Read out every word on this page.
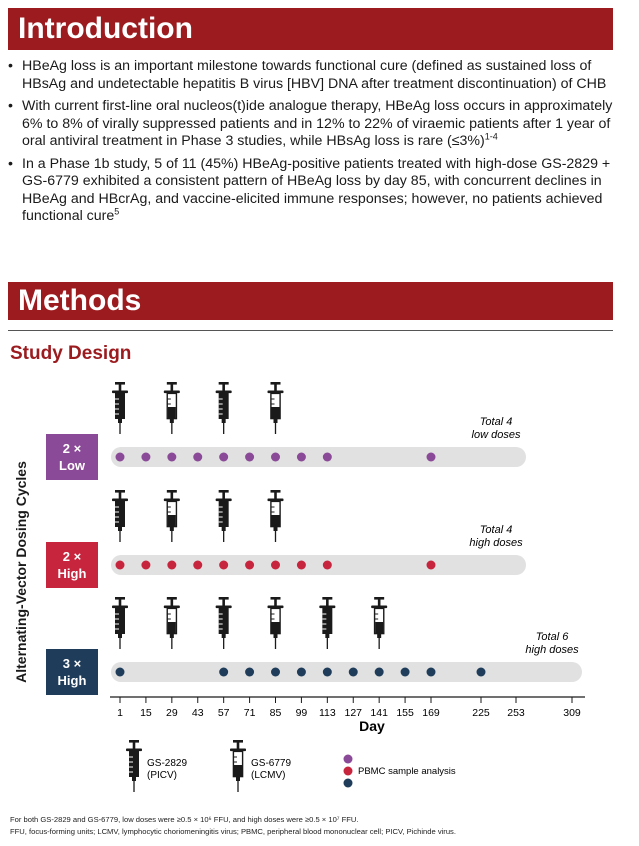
Introduction
• HBeAg loss is an important milestone towards functional cure (defined as sustained loss of HBsAg and undetectable hepatitis B virus [HBV] DNA after treatment discontinuation) of CHB
• With current first-line oral nucleos(t)ide analogue therapy, HBeAg loss occurs in approximately 6% to 8% of virally suppressed patients and in 12% to 22% of viraemic patients after 1 year of oral antiviral treatment in Phase 3 studies, while HBsAg loss is rare (≤3%)$^{1-4}$
• In a Phase 1b study, 5 of 11 (45%) HBeAg-positive patients treated with high-dose GS-2829 + GS-6779 exhibited a consistent pattern of HBeAg loss by day 85, with concurrent declines in HBeAg and HBcrAg, and vaccine-elicited immune responses; however, no patients achieved functional cure$^5$
Methods
Study Design
Alternating-Vector Dosing Cycles
2 ×
Low
Total 4
low doses
2 ×
High
Total 4
high doses
3 ×
High
Total 6
high doses
1 15 29 43 57 71 85 99 113 127 141 155 169	225 253	309
Day
GS-2829
(PICV)
GS-6779
(LCMV)	PBMC sample analysis
For both GS-2829 and GS-6779, low doses were ≥0.5 × 10⁶ FFU, and high doses were ≥0.5 × 10⁷ FFU.
FFU, focus-forming units; LCMV, lymphocytic choriomeningitis virus; PBMC, peripheral blood mononuclear cell; PICV, Pichinde virus.
